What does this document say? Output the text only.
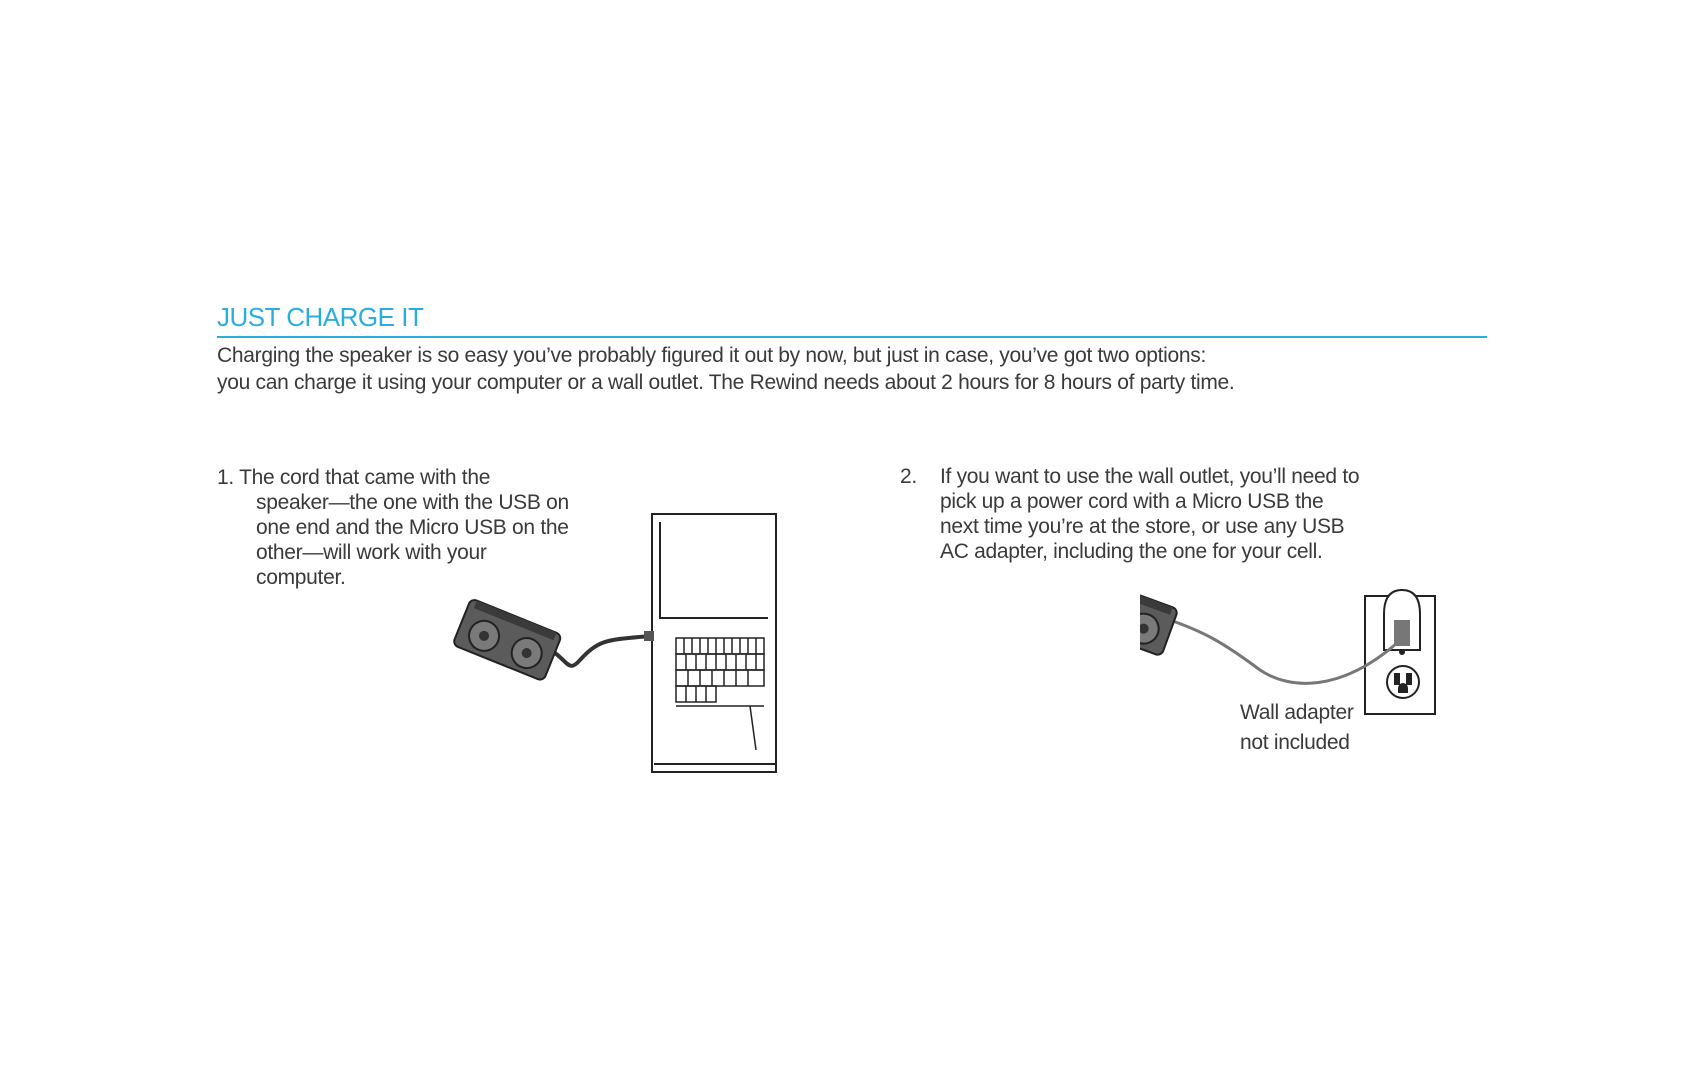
JUST CHARGE IT

Charging the speaker is so easy you’ve probably figured it out by now, but just in case, you’ve got two options:
you can charge it using your computer or a wall outlet. The Rewind needs about 2 hours for 8 hours of party time.

1. The cord that came with the
speaker—the one with the USB on
one end and the Micro USB on the
other—will work with your
computer.
2. If you want to use the wall outlet, you’ll need to
pick up a power cord with a Micro USB the
next time you’re at the store, or use any USB
AC adapter, including the one for your cell.
Wall adapter
not included
